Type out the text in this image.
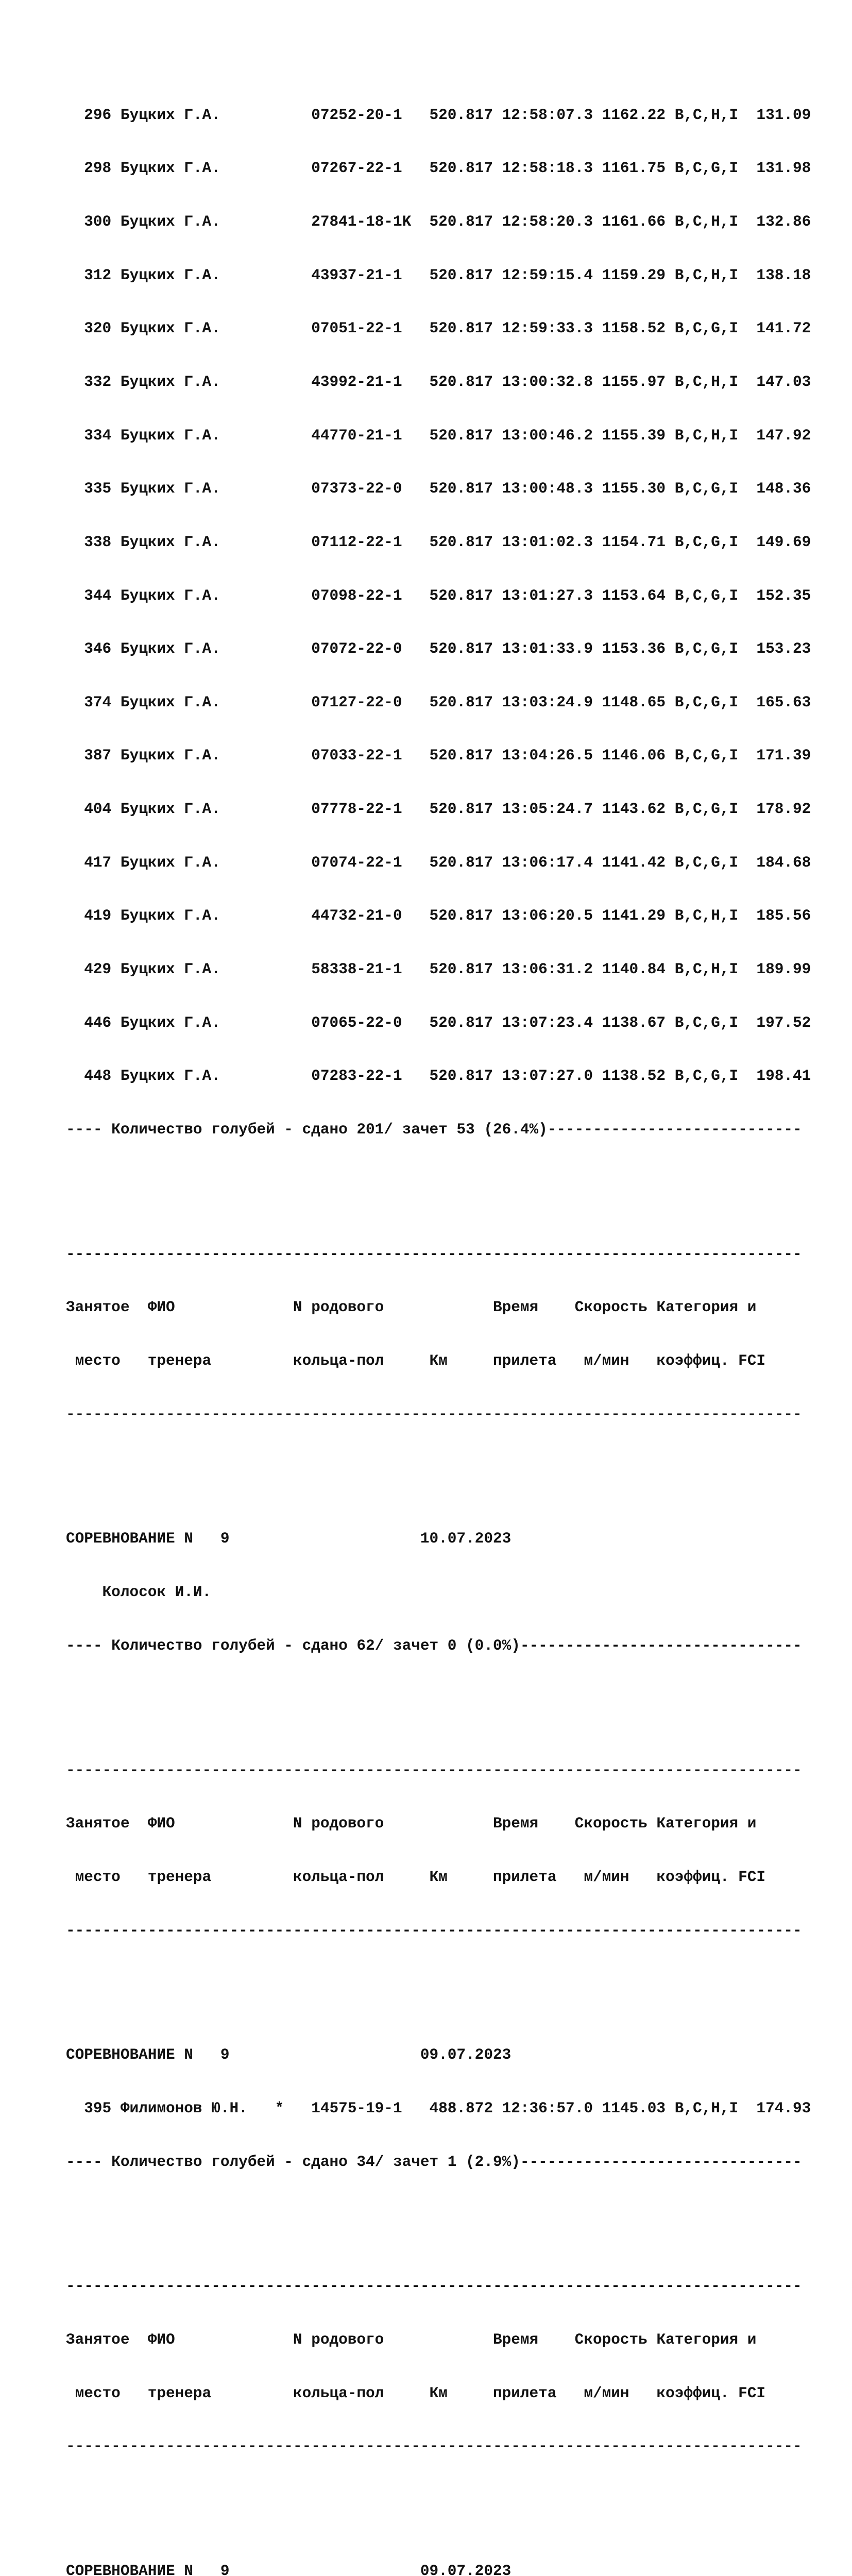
296 Буцких Г.А.          07252-20-1   520.817 12:58:07.3 1162.22 B,C,H,I  131.09

298 Буцких Г.А.          07267-22-1   520.817 12:58:18.3 1161.75 B,C,G,I  131.98

300 Буцких Г.А.          27841-18-1K  520.817 12:58:20.3 1161.66 B,C,H,I  132.86

312 Буцких Г.А.          43937-21-1   520.817 12:59:15.4 1159.29 B,C,H,I  138.18

320 Буцких Г.А.          07051-22-1   520.817 12:59:33.3 1158.52 B,C,G,I  141.72

332 Буцких Г.А.          43992-21-1   520.817 13:00:32.8 1155.97 B,C,H,I  147.03

334 Буцких Г.А.          44770-21-1   520.817 13:00:46.2 1155.39 B,C,H,I  147.92

335 Буцких Г.А.          07373-22-0   520.817 13:00:48.3 1155.30 B,C,G,I  148.36

338 Буцких Г.А.          07112-22-1   520.817 13:01:02.3 1154.71 B,C,G,I  149.69

344 Буцких Г.А.          07098-22-1   520.817 13:01:27.3 1153.64 B,C,G,I  152.35

346 Буцких Г.А.          07072-22-0   520.817 13:01:33.9 1153.36 B,C,G,I  153.23

374 Буцких Г.А.          07127-22-0   520.817 13:03:24.9 1148.65 B,C,G,I  165.63

387 Буцких Г.А.          07033-22-1   520.817 13:04:26.5 1146.06 B,C,G,I  171.39

404 Буцких Г.А.          07778-22-1   520.817 13:05:24.7 1143.62 B,C,G,I  178.92

417 Буцких Г.А.          07074-22-1   520.817 13:06:17.4 1141.42 B,C,G,I  184.68

419 Буцких Г.А.          44732-21-0   520.817 13:06:20.5 1141.29 B,C,H,I  185.56

429 Буцких Г.А.          58338-21-1   520.817 13:06:31.2 1140.84 B,C,H,I  189.99

446 Буцких Г.А.          07065-22-0   520.817 13:07:23.4 1138.67 B,C,G,I  197.52

448 Буцких Г.А.          07283-22-1   520.817 13:07:27.0 1138.52 B,C,G,I  198.41

---- Количество голубей - сдано 201/ зачет 53 (26.4%)----------------------------

---------------------------------------------------------------------------------

Занятое  ФИО             N родового            Время    Скорость Категория и

место   тренера         кольца-пол     Км     прилета   м/мин   коэффиц. FCI

---------------------------------------------------------------------------------

СОРЕВНОВАНИЕ N   9                     10.07.2023

Колосок И.И.

---- Количество голубей - сдано 62/ зачет 0 (0.0%)-------------------------------

---------------------------------------------------------------------------------

Занятое  ФИО             N родового            Время    Скорость Категория и

место   тренера         кольца-пол     Км     прилета   м/мин   коэффиц. FCI

---------------------------------------------------------------------------------

СОРЕВНОВАНИЕ N   9                     09.07.2023

395 Филимонов Ю.Н.   *   14575-19-1   488.872 12:36:57.0 1145.03 B,C,H,I  174.93

---- Количество голубей - сдано 34/ зачет 1 (2.9%)-------------------------------

---------------------------------------------------------------------------------

Занятое  ФИО             N родового            Время    Скорость Категория и

место   тренера         кольца-пол     Км     прилета   м/мин   коэффиц. FCI

---------------------------------------------------------------------------------

СОРЕВНОВАНИЕ N   9                     09.07.2023
